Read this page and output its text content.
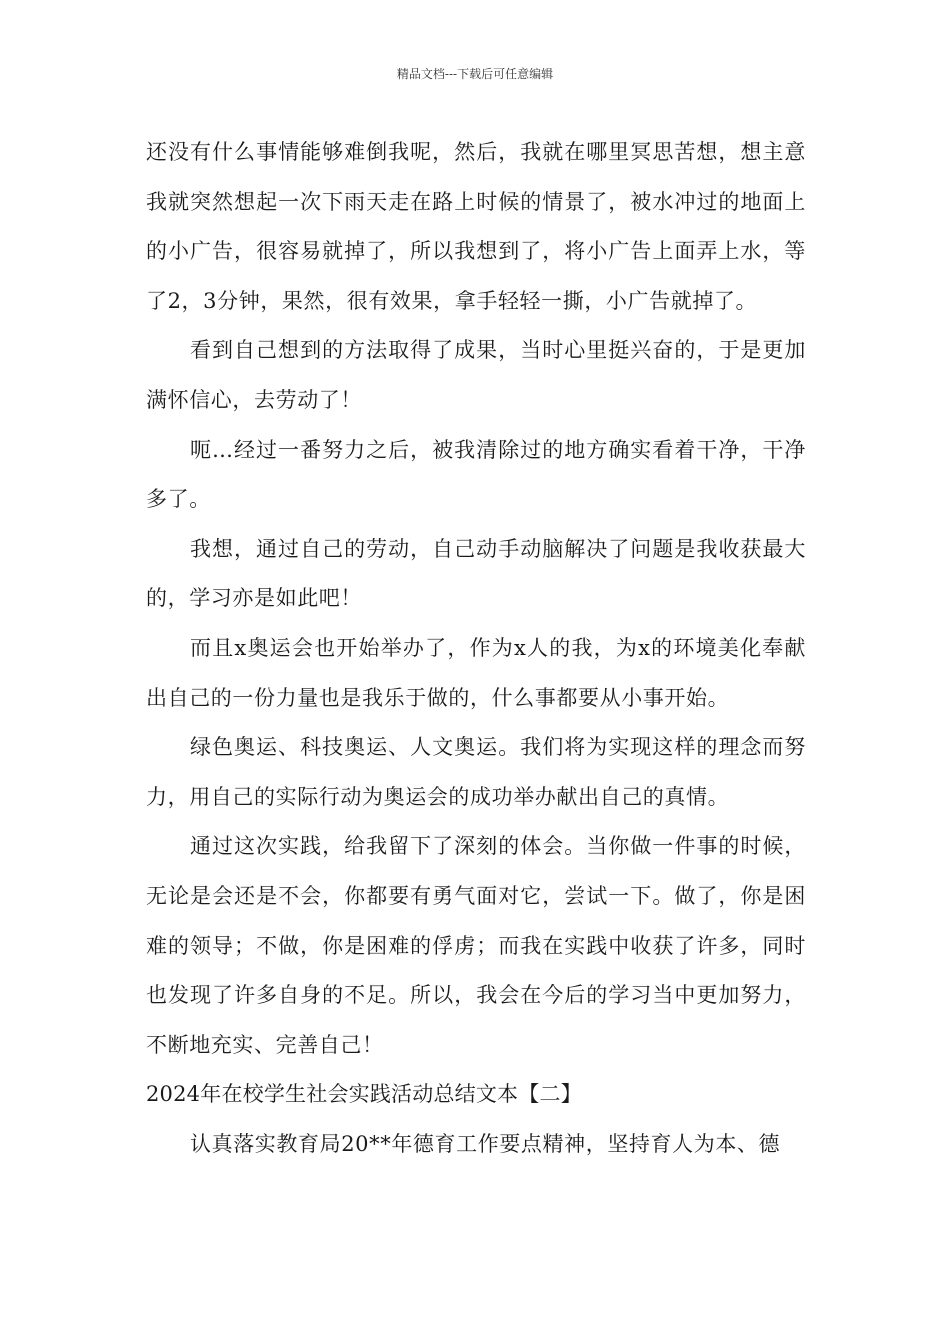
精品文档---下载后可任意编辑

还没有什么事情能够难倒我呢，然后，我就在哪里冥思苦想，想主意我就突然想起一次下雨天走在路上时候的情景了，被水冲过的地面上的小广告，很容易就掉了，所以我想到了，将小广告上面弄上水，等了2，3分钟，果然，很有效果，拿手轻轻一撕，小广告就掉了。

看到自己想到的方法取得了成果，当时心里挺兴奋的，于是更加满怀信心，去劳动了！

呃…经过一番努力之后，被我清除过的地方确实看着干净，干净多了。

我想，通过自己的劳动，自己动手动脑解决了问题是我收获最大的，学习亦是如此吧！

而且x奥运会也开始举办了，作为x人的我，为x的环境美化奉献出自己的一份力量也是我乐于做的，什么事都要从小事开始。

绿色奥运、科技奥运、人文奥运。我们将为实现这样的理念而努力，用自己的实际行动为奥运会的成功举办献出自己的真情。

通过这次实践，给我留下了深刻的体会。当你做一件事的时候，无论是会还是不会，你都要有勇气面对它，尝试一下。做了，你是困难的领导；不做，你是困难的俘虏；而我在实践中收获了许多，同时也发现了许多自身的不足。所以，我会在今后的学习当中更加努力，不断地充实、完善自己！

2024年在校学生社会实践活动总结文本【二】

认真落实教育局20**年德育工作要点精神，坚持育人为本、德
